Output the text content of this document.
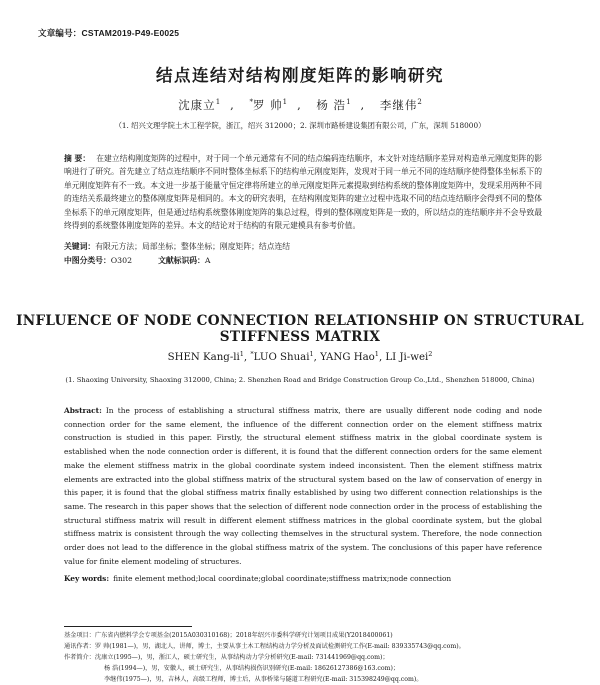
文章编号：CSTAM2019-P49-E0025
结点连结对结构刚度矩阵的影响研究
沈康立$^1$ , *罗 帅$^1$ , 杨 浩$^1$ , 李继伟$^2$
（1. 绍兴文理学院土木工程学院，浙江，绍兴 312000；2. 深圳市路桥建设集团有限公司，广东，深圳 518000）
摘 要： 在建立结构刚度矩阵的过程中，对于同一个单元通常有不同的结点编码连结顺序，本文针对连结顺序差异对构造单元刚度矩阵的影响进行了研究。首先建立了结点连结顺序不同时整体坐标系下的结构单元刚度矩阵，发现对于同一单元不同的连结顺序使得整体坐标系下的单元刚度矩阵有不一致。本文进一步基于能量守恒定律将所建立的单元刚度矩阵元素提取到结构系统的整体刚度矩阵中，发现采用两种不同的连结关系最终建立的整体刚度矩阵是相同的。本文的研究表明，在结构刚度矩阵的建立过程中选取不同的结点连结顺序会得到不同的整体坐标系下的单元刚度矩阵，但是通过结构系统整体刚度矩阵的集总过程，得到的整体刚度矩阵是一致的，所以结点的连结顺序并不会导致最终得到的系统整体刚度矩阵的差异。本文的结论对于结构的有限元建模具有参考价值。
关键词：有限元方法；局部坐标；整体坐标；刚度矩阵；结点连结
中图分类号：O302	文献标识码：A
INFLUENCE OF NODE CONNECTION RELATIONSHIP ON STRUCTURAL
STIFFNESS MATRIX
SHEN Kang-$li^1$, *LUO Shuai$^1$, YANG Hao$^1$, LI Ji-wei$^2$
(1. Shaoxing University, Shaoxing 312000, China; 2. Shenzhen Road and Bridge Construction Group Co.,Ltd., Shenzhen 518000, China)
Abstract: In the process of establishing a structural stiffness matrix, there are usually different node coding and node connection order for the same element, the influence of the different connection order on the element stiffness matrix construction is studied in this paper. Firstly, the structural element stiffness matrix in the global coordinate system is established when the node connection order is different, it is found that the different connection orders for the same element make the element stiffness matrix in the global coordinate system indeed inconsistent. Then the element stiffness matrix elements are extracted into the global stiffness matrix of the structural system based on the law of conservation of energy in this paper, it is found that the global stiffness matrix finally established by using two different connection relationships is the same. The research in this paper shows that the selection of different node connection order in the process of establishing the structural stiffness matrix will result in different element stiffness matrices in the global coordinate system, but the global stiffness matrix is consistent through the way collecting themselves in the structural system. Therefore, the node connection order does not lead to the difference in the global stiffness matrix of the system. The conclusions of this paper have reference value for finite element modeling of structures.
Key words: finite element method;local coordinate;global coordinate;stiffness matrix;node connection
基金项目：广东省内燃料学会专项基金(2015A030310168)；2018年绍兴市委科学研究计划项目成果(Y2018400061)
通讯作者：罗 帅(1981—)，男，湖北人，讲师，博士，主要从事土木工程结构动力学分析及面试检测研究工作(E-mail: 839335743@qq.com)。
作者简介：沈康立(1995—)，男，浙江人，硕士研究生，从事结构动力学分析研究(E-mail: 731441969@qq.com)；
杨 浩(1994—)，男，安徽人，硕士研究生，从事结构损伤识别研究(E-mail: 18626127386@163.com)；
李继伟(1975—)，男，吉林人，高级工程师，博士后，从事桥梁与隧道工程研究(E-mail: 315398249@qq.com)。
